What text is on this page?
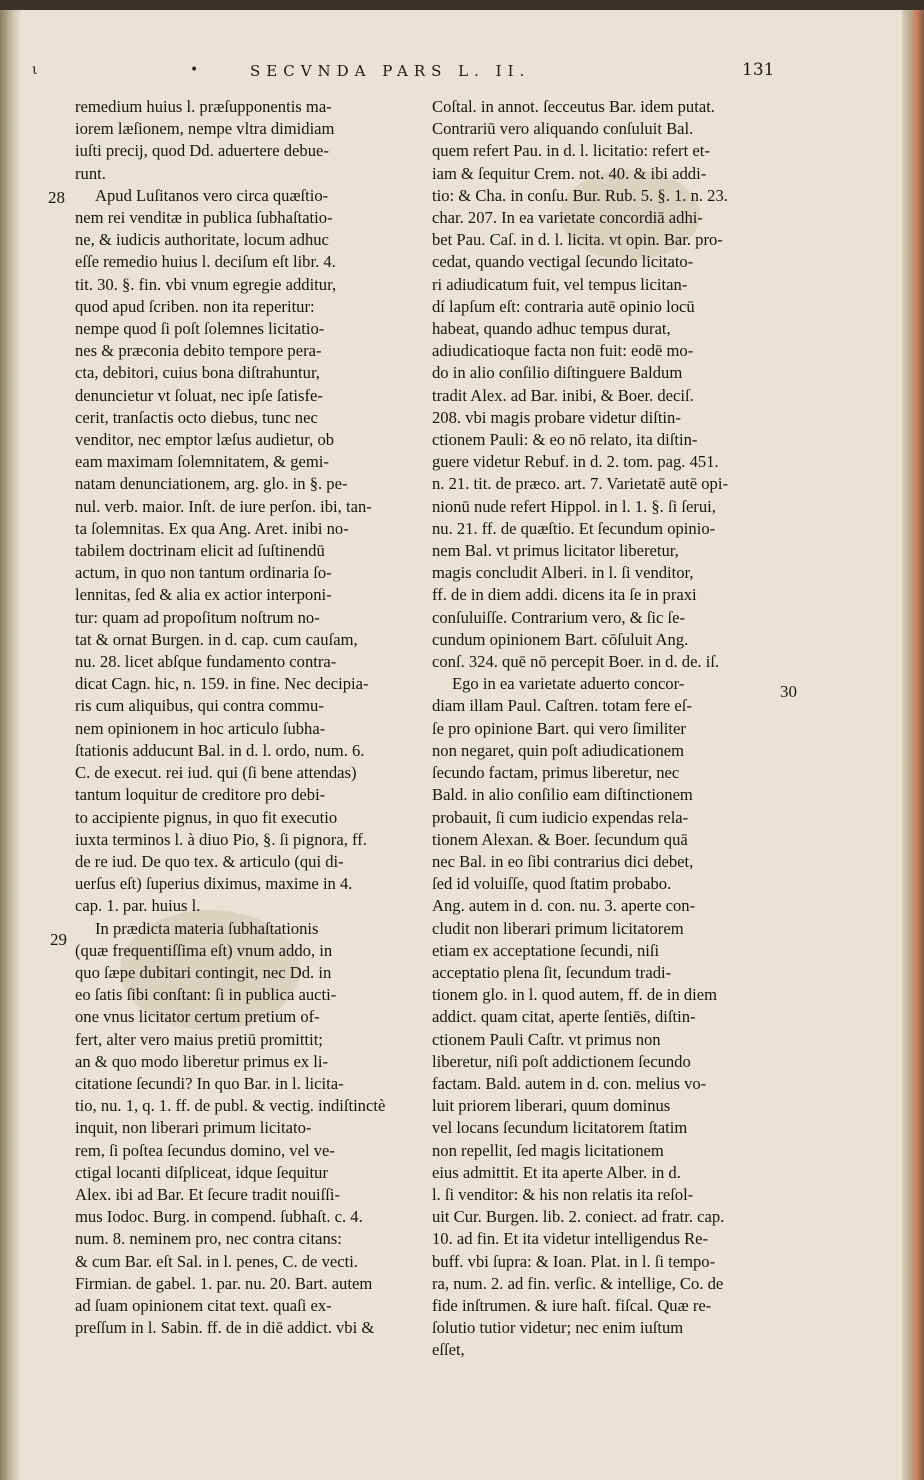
ι	•	SECVNDA PARS L. II.	131
28
29
30
remedium huius l. præſupponentis ma-
iorem læſionem, nempe vltra dimidiam
iuſti precij, quod Dd. aduertere debue-
runt.
Apud Luſitanos vero circa quæſtio-
nem rei venditæ in publica ſubhaſtatio-
ne, & iudicis authoritate, locum adhuc
eſſe remedio huius l. deciſum eſt libr. 4.
tit. 30. §. fin. vbi vnum egregie additur,
quod apud ſcriben. non ita reperitur:
nempe quod ſi poſt ſolemnes licitatio-
nes & præconia debito tempore pera-
cta, debitori, cuius bona diſtrahuntur,
denuncietur vt ſoluat, nec ipſe ſatisfe-
cerit, tranſactis octo diebus, tunc nec
venditor, nec emptor læſus audietur, ob
eam maximam ſolemnitatem, & gemi-
natam denunciationem, arg. glo. in §. pe-
nul. verb. maior. Inſt. de iure perſon. ibi, tan-
ta ſolemnitas. Ex qua Ang. Aret. inibi no-
tabilem doctrinam elicit ad ſuſtinendū
actum, in quo non tantum ordinaria ſo-
lennitas, ſed & alia ex actior interponi-
tur: quam ad propoſitum noſtrum no-
tat & ornat Burgen. in d. cap. cum cauſam,
nu. 28. licet abſque fundamento contra-
dicat Cagn. hic, n. 159. in fine. Nec decipia-
ris cum aliquibus, qui contra commu-
nem opinionem in hoc articulo ſubha-
ſtationis adducunt Bal. in d. l. ordo, num. 6.
C. de execut. rei iud. qui (ſi bene attendas)
tantum loquitur de creditore pro debi-
to accipiente pignus, in quo fit executio
iuxta terminos l. à diuo Pio, §. ſi pignora, ff.
de re iud. De quo tex. & articulo (qui di-
uerſus eſt) ſuperius diximus, maxime in 4.
cap. 1. par. huius l.
In prædicta materia ſubhaſtationis
(quæ frequentiſſima eſt) vnum addo, in
quo ſæpe dubitari contingit, nec Dd. in
eo ſatis ſibi conſtant: ſi in publica aucti-
one vnus licitator certum pretium of-
fert, alter vero maius pretiū promittit;
an & quo modo liberetur primus ex li-
citatione ſecundi? In quo Bar. in l. licita-
tio, nu. 1, q. 1. ff. de publ. & vectig. indiſtinctè
inquit, non liberari primum licitato-
rem, ſi poſtea ſecundus domino, vel ve-
ctigal locanti diſpliceat, idque ſequitur
Alex. ibi ad Bar. Et ſecure tradit nouiſſi-
mus Iodoc. Burg. in compend. ſubhaſt. c. 4.
num. 8. neminem pro, nec contra citans:
& cum Bar. eſt Sal. in l. penes, C. de vecti.
Firmian. de gabel. 1. par. nu. 20. Bart. autem
ad ſuam opinionem citat text. quaſi ex-
preſſum in l. Sabin. ff. de in diē addict. vbi &
Coſtal. in annot. ſecceutus Bar. idem putat.
Contrariū vero aliquando conſuluit Bal.
quem refert Pau. in d. l. licitatio: refert et-
iam & ſequitur Crem. not. 40. & ibi addi-
tio: & Cha. in conſu. Bur. Rub. 5. §. 1. n. 23.
char. 207. In ea varietate concordiā adhi-
bet Pau. Caſ. in d. l. licita. vt opin. Bar. pro-
cedat, quando vectigal ſecundo licitato-
ri adiudicatum fuit, vel tempus licitan-
dí lapſum eſt: contraria autē opinio locū
habeat, quando adhuc tempus durat,
adiudicatioque facta non fuit: eodē mo-
do in alio conſilio diſtinguere Baldum
tradit Alex. ad Bar. inibi, & Boer. deciſ.
208. vbi magis probare videtur diſtin-
ctionem Pauli: & eo nō relato, ita diſtin-
guere videtur Rebuf. in d. 2. tom. pag. 451.
n. 21. tit. de præco. art. 7. Varietatē autē opi-
nionū nude refert Hippol. in l. 1. §. ſi ſerui,
nu. 21. ff. de quæſtio. Et ſecundum opinio-
nem Bal. vt primus licitator liberetur,
magis concludit Alberi. in l. ſi venditor,
ff. de in diem addi. dicens ita ſe in praxi
conſuluiſſe. Contrarium vero, & ſic ſe-
cundum opinionem Bart. cōſuluit Ang.
conſ. 324. quē nō percepit Boer. in d. de. iſ.
Ego in ea varietate aduerto concor-
diam illam Paul. Caſtren. totam fere eſ-
ſe pro opinione Bart. qui vero ſimiliter
non negaret, quin poſt adiudicationem
ſecundo factam, primus liberetur, nec
Bald. in alio conſilio eam diſtinctionem
probauit, ſi cum iudicio expendas rela-
tionem Alexan. & Boer. ſecundum quā
nec Bal. in eo ſibi contrarius dici debet,
ſed id voluiſſe, quod ſtatim probabo.
Ang. autem in d. con. nu. 3. aperte con-
cludit non liberari primum licitatorem
etiam ex acceptatione ſecundi, niſi
acceptatio plena ſit, ſecundum tradi-
tionem glo. in l. quod autem, ff. de in diem
addict. quam citat, aperte ſentiēs, diſtin-
ctionem Pauli Caſtr. vt primus non
liberetur, niſi poſt addictionem ſecundo
factam. Bald. autem in d. con. melius vo-
luit priorem liberari, quum dominus
vel locans ſecundum licitatorem ſtatim
non repellit, ſed magis licitationem
eius admittit. Et ita aperte Alber. in d.
l. ſi venditor: & his non relatis ita reſol-
uit Cur. Burgen. lib. 2. coniect. ad fratr. cap.
10. ad fin. Et ita videtur intelligendus Re-
buff. vbi ſupra: & Ioan. Plat. in l. ſi tempo-
ra, num. 2. ad fin. verſic. & intellige, Co. de
fide inſtrumen. & iure haſt. fiſcal. Quæ re-
ſolutio tutior videtur; nec enim iuſtum
eſſet,
